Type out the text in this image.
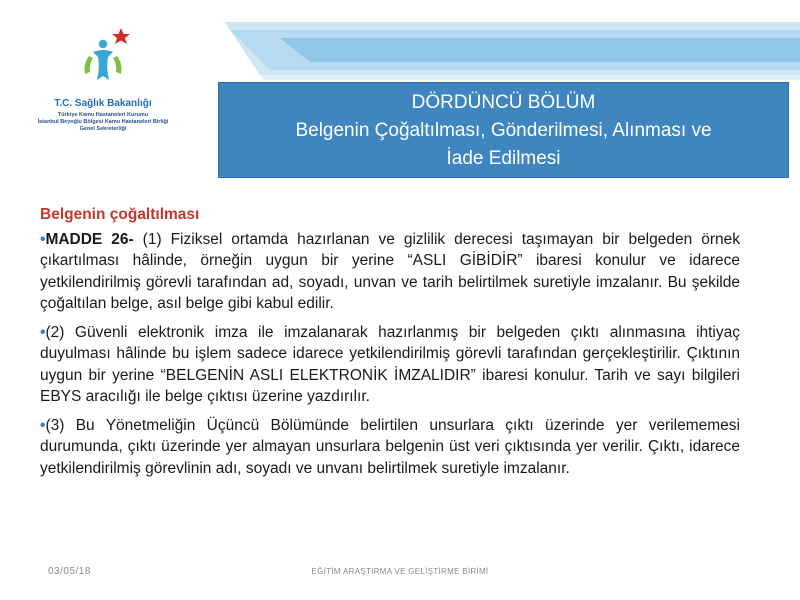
T.C. Sağlık Bakanlığı
Türkiye Kamu Hastaneleri Kurumu
İstanbul Beyoğlu Bölgesi Kamu Hastaneleri Birliği
Genel Sekreterliği
DÖRDÜNCÜ BÖLÜM
Belgenin Çoğaltılması, Gönderilmesi, Alınması ve
İade Edilmesi
Belgenin çoğaltılması

•MADDE 26- (1) Fiziksel ortamda hazırlanan ve gizlilik derecesi taşımayan bir belgeden örnek çıkartılması hâlinde, örneğin uygun bir yerine “ASLI GİBİDİR” ibaresi konulur ve idarece yetkilendirilmiş görevli tarafından ad, soyadı, unvan ve tarih belirtilmek suretiyle imzalanır. Bu şekilde çoğaltılan belge, asıl belge gibi kabul edilir.

•(2) Güvenli elektronik imza ile imzalanarak hazırlanmış bir belgeden çıktı alınmasına ihtiyaç duyulması hâlinde bu işlem sadece idarece yetkilendirilmiş görevli tarafından gerçekleştirilir. Çıktının uygun bir yerine “BELGENİN ASLI ELEKTRONİK İMZALIDIR” ibaresi konulur. Tarih ve sayı bilgileri EBYS aracılığı ile belge çıktısı üzerine yazdırılır.

•(3) Bu Yönetmeliğin Üçüncü Bölümünde belirtilen unsurlara çıktı üzerinde yer verilememesi durumunda, çıktı üzerinde yer almayan unsurlara belgenin üst veri çıktısında yer verilir. Çıktı, idarece yetkilendirilmiş görevlinin adı, soyadı ve unvanı belirtilmek suretiyle imzalanır.

03/05/18	EĞİTİM ARAŞTIRMA VE GELİŞTİRME BİRİMİ
